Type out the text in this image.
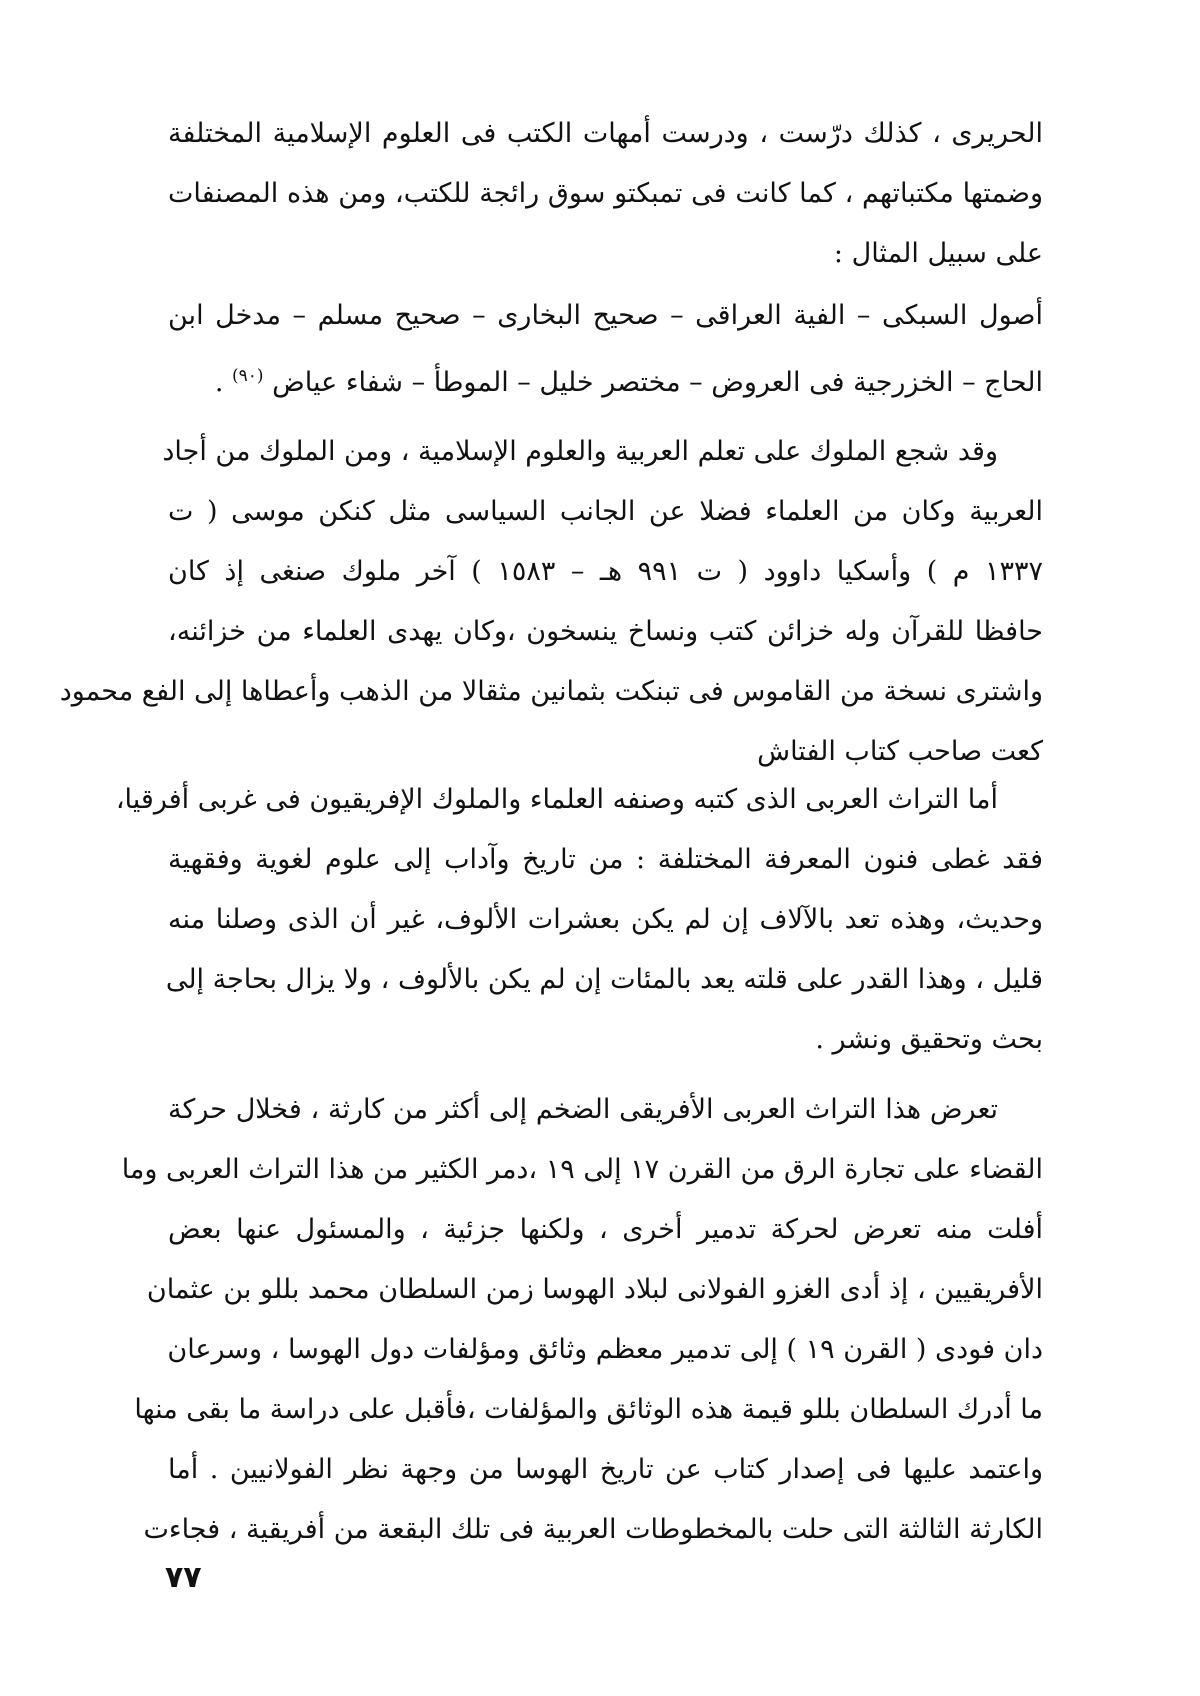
الحريرى ، كذلك درّست ، ودرست أمهات الكتب فى العلوم الإسلامية المختلفة
وضمتها مكتباتهم ، كما كانت فى تمبكتو سوق رائجة للكتب، ومن هذه المصنفات
على سبيل المثال :
أصول السبكى – الفية العراقى – صحيح البخارى – صحيح مسلم – مدخل ابن
الحاج – الخزرجية فى العروض – مختصر خليل – الموطأ – شفاء عياض $^{(٩٠)}$ .
وقد شجع الملوك على تعلم العربية والعلوم الإسلامية ، ومن الملوك من أجاد
العربية وكان من العلماء فضلا عن الجانب السياسى مثل كنكن موسى ( ت
١٣٣٧ م ) وأسكيا داوود ( ت ٩٩١ هـ – ١٥٨٣ ) آخر ملوك صنغى إذ كان
حافظا للقرآن وله خزائن كتب ونساخ ينسخون ،وكان يهدى العلماء من خزائنه،
واشترى نسخة من القاموس فى تبنكت بثمانين مثقالا من الذهب وأعطاها إلى الفع محمود
كعت صاحب كتاب الفتاش
أما التراث العربى الذى كتبه وصنفه العلماء والملوك الإفريقيون فى غربى أفرقيا،
فقد غطى فنون المعرفة المختلفة : من تاريخ وآداب إلى علوم لغوية وفقهية
وحديث، وهذه تعد بالآلاف إن لم يكن بعشرات الألوف، غير أن الذى وصلنا منه
قليل ، وهذا القدر على قلته يعد بالمئات إن لم يكن بالألوف ، ولا يزال بحاجة إلى
بحث وتحقيق ونشر .
تعرض هذا التراث العربى الأفريقى الضخم إلى أكثر من كارثة ، فخلال حركة
القضاء على تجارة الرق من القرن ١٧ إلى ١٩ ،دمر الكثير من هذا التراث العربى وما
أفلت منه تعرض لحركة تدمير أخرى ، ولكنها جزئية ، والمسئول عنها بعض
الأفريقيين ، إذ أدى الغزو الفولانى لبلاد الهوسا زمن السلطان محمد بللو بن عثمان
دان فودى ( القرن ١٩ ) إلى تدمير معظم وثائق ومؤلفات دول الهوسا ، وسرعان
ما أدرك السلطان بللو قيمة هذه الوثائق والمؤلفات ،فأقبل على دراسة ما بقى منها
واعتمد عليها فى إصدار كتاب عن تاريخ الهوسا من وجهة نظر الفولانيين . أما
الكارثة الثالثة التى حلت بالمخطوطات العربية فى تلك البقعة من أفريقية ، فجاءت
٧٧
